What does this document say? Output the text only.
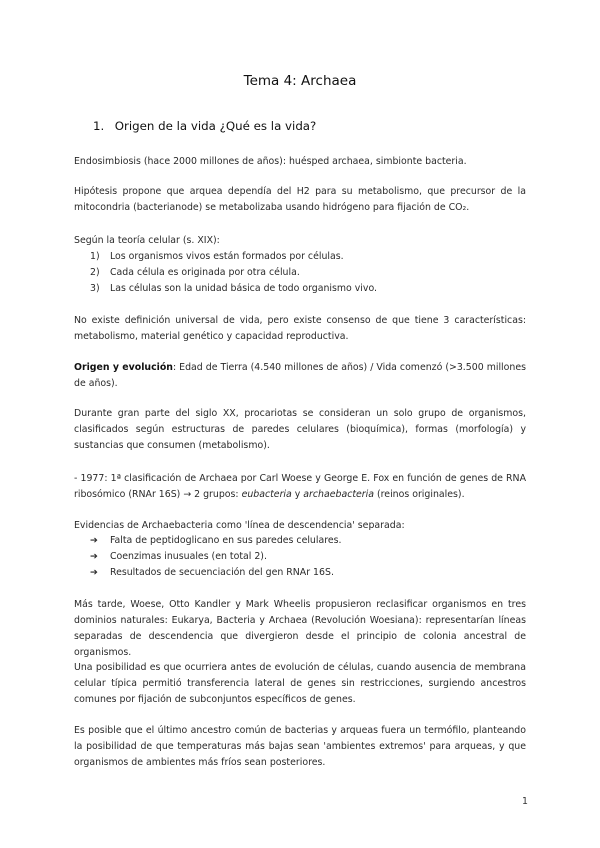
Tema 4: Archaea
1. Origen de la vida ¿Qué es la vida?
Endosimbiosis (hace 2000 millones de años): huésped archaea, simbionte bacteria.
Hipótesis propone que arquea dependía del H2 para su metabolismo, que precursor de la mitocondria (bacterianode) se metabolizaba usando hidrógeno para fijación de CO₂.
Según la teoría celular (s. XIX):
1)	Los organismos vivos están formados por células.
2)	Cada célula es originada por otra célula.
3)	Las células son la unidad básica de todo organismo vivo.
No existe definición universal de vida, pero existe consenso de que tiene 3 características: metabolismo, material genético y capacidad reproductiva.
Origen y evolución: Edad de Tierra (4.540 millones de años) / Vida comenzó (>3.500 millones de años).
Durante gran parte del siglo XX, procariotas se consideran un solo grupo de organismos, clasificados según estructuras de paredes celulares (bioquímica), formas (morfología) y sustancias que consumen (metabolismo).
- 1977: 1ª clasificación de Archaea por Carl Woese y George E. Fox en función de genes de RNA ribosómico (RNAr 16S) → 2 grupos: eubacteria y archaebacteria (reinos originales).
Evidencias de Archaebacteria como 'línea de descendencia' separada:
➔	Falta de peptidoglicano en sus paredes celulares.
➔	Coenzimas inusuales (en total 2).
➔	Resultados de secuenciación del gen RNAr 16S.
Más tarde, Woese, Otto Kandler y Mark Wheelis propusieron reclasificar organismos en tres dominios naturales: Eukarya, Bacteria y Archaea (Revolución Woesiana): representarían líneas separadas de descendencia que divergieron desde el principio de colonia ancestral de organismos.
Una posibilidad es que ocurriera antes de evolución de células, cuando ausencia de membrana celular típica permitió transferencia lateral de genes sin restricciones, surgiendo ancestros comunes por fijación de subconjuntos específicos de genes.
Es posible que el último ancestro común de bacterias y arqueas fuera un termófilo, planteando la posibilidad de que temperaturas más bajas sean 'ambientes extremos' para arqueas, y que organismos de ambientes más fríos sean posteriores.
1
